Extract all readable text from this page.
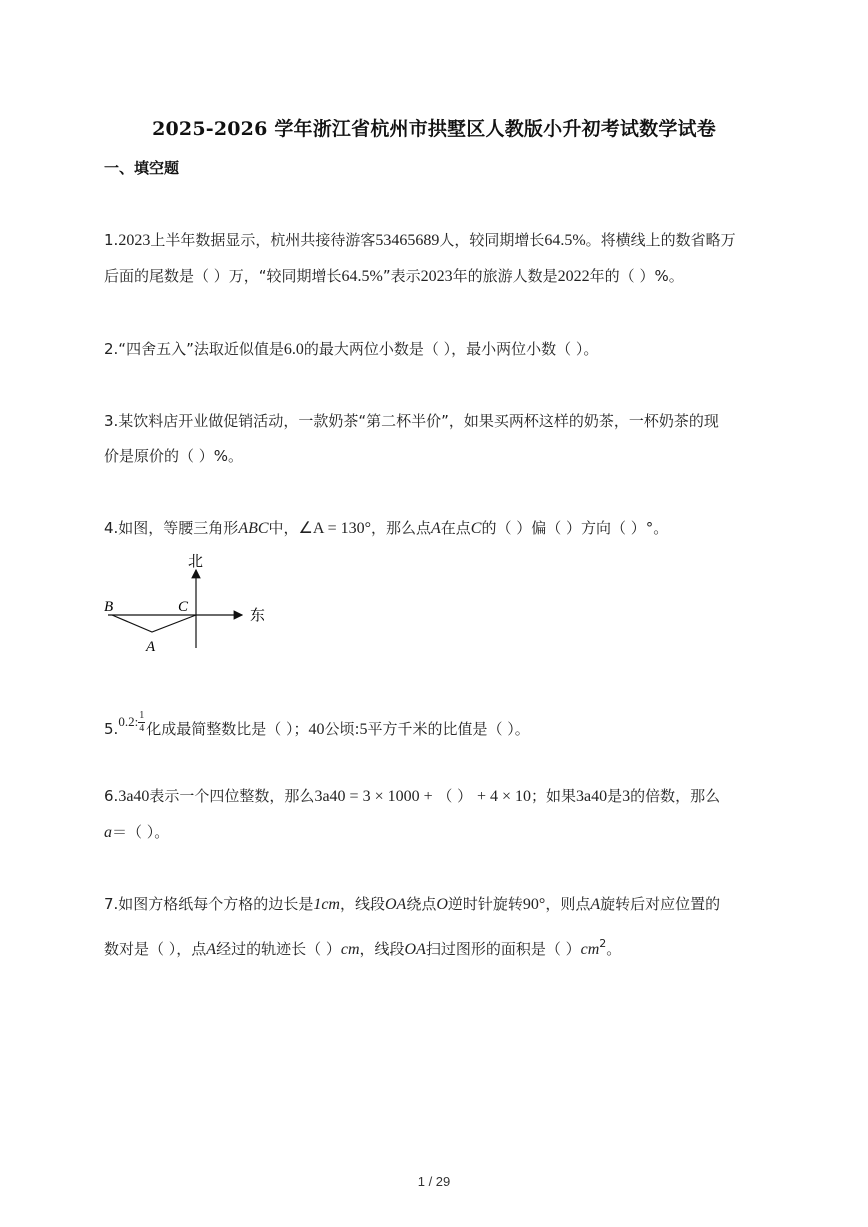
2025-2026 学年浙江省杭州市拱墅区人教版小升初考试数学试卷
一、填空题
1.2023上半年数据显示，杭州共接待游客53465689人，较同期增长64.5%。将横线上的数省略万
后面的尾数是（ ）万，“较同期增长64.5%”表示2023年的旅游人数是2022年的（ ）%。
2.“四舍五入”法取近似值是6.0的最大两位小数是（ ），最小两位小数（ ）。
3.某饮料店开业做促销活动，一款奶茶“第二杯半价”，如果买两杯这样的奶茶，一杯奶茶的现
价是原价的（ ）%。
4.如图，等腰三角形ABC中，∠A = 130°，那么点A在点C的（ ）偏（ ）方向（ ）°。
北
东
B	C
A
5.0.2: $\frac{1}{4}$ 化成最简整数比是（ ）；40公顷:5平方千米的比值是（ ）。
6.3a40表示一个四位整数，那么3a40 = 3 × 1000 + （ ） + 4 × 10；如果3a40是3的倍数，那么
a＝（ ）。
7.如图方格纸每个方格的边长是1cm，线段OA绕点O逆时针旋转90°，则点A旋转后对应位置的
数对是（ ），点A经过的轨迹长（ ）cm，线段OA扫过图形的面积是（ ）$cm^2$。
1 / 29
